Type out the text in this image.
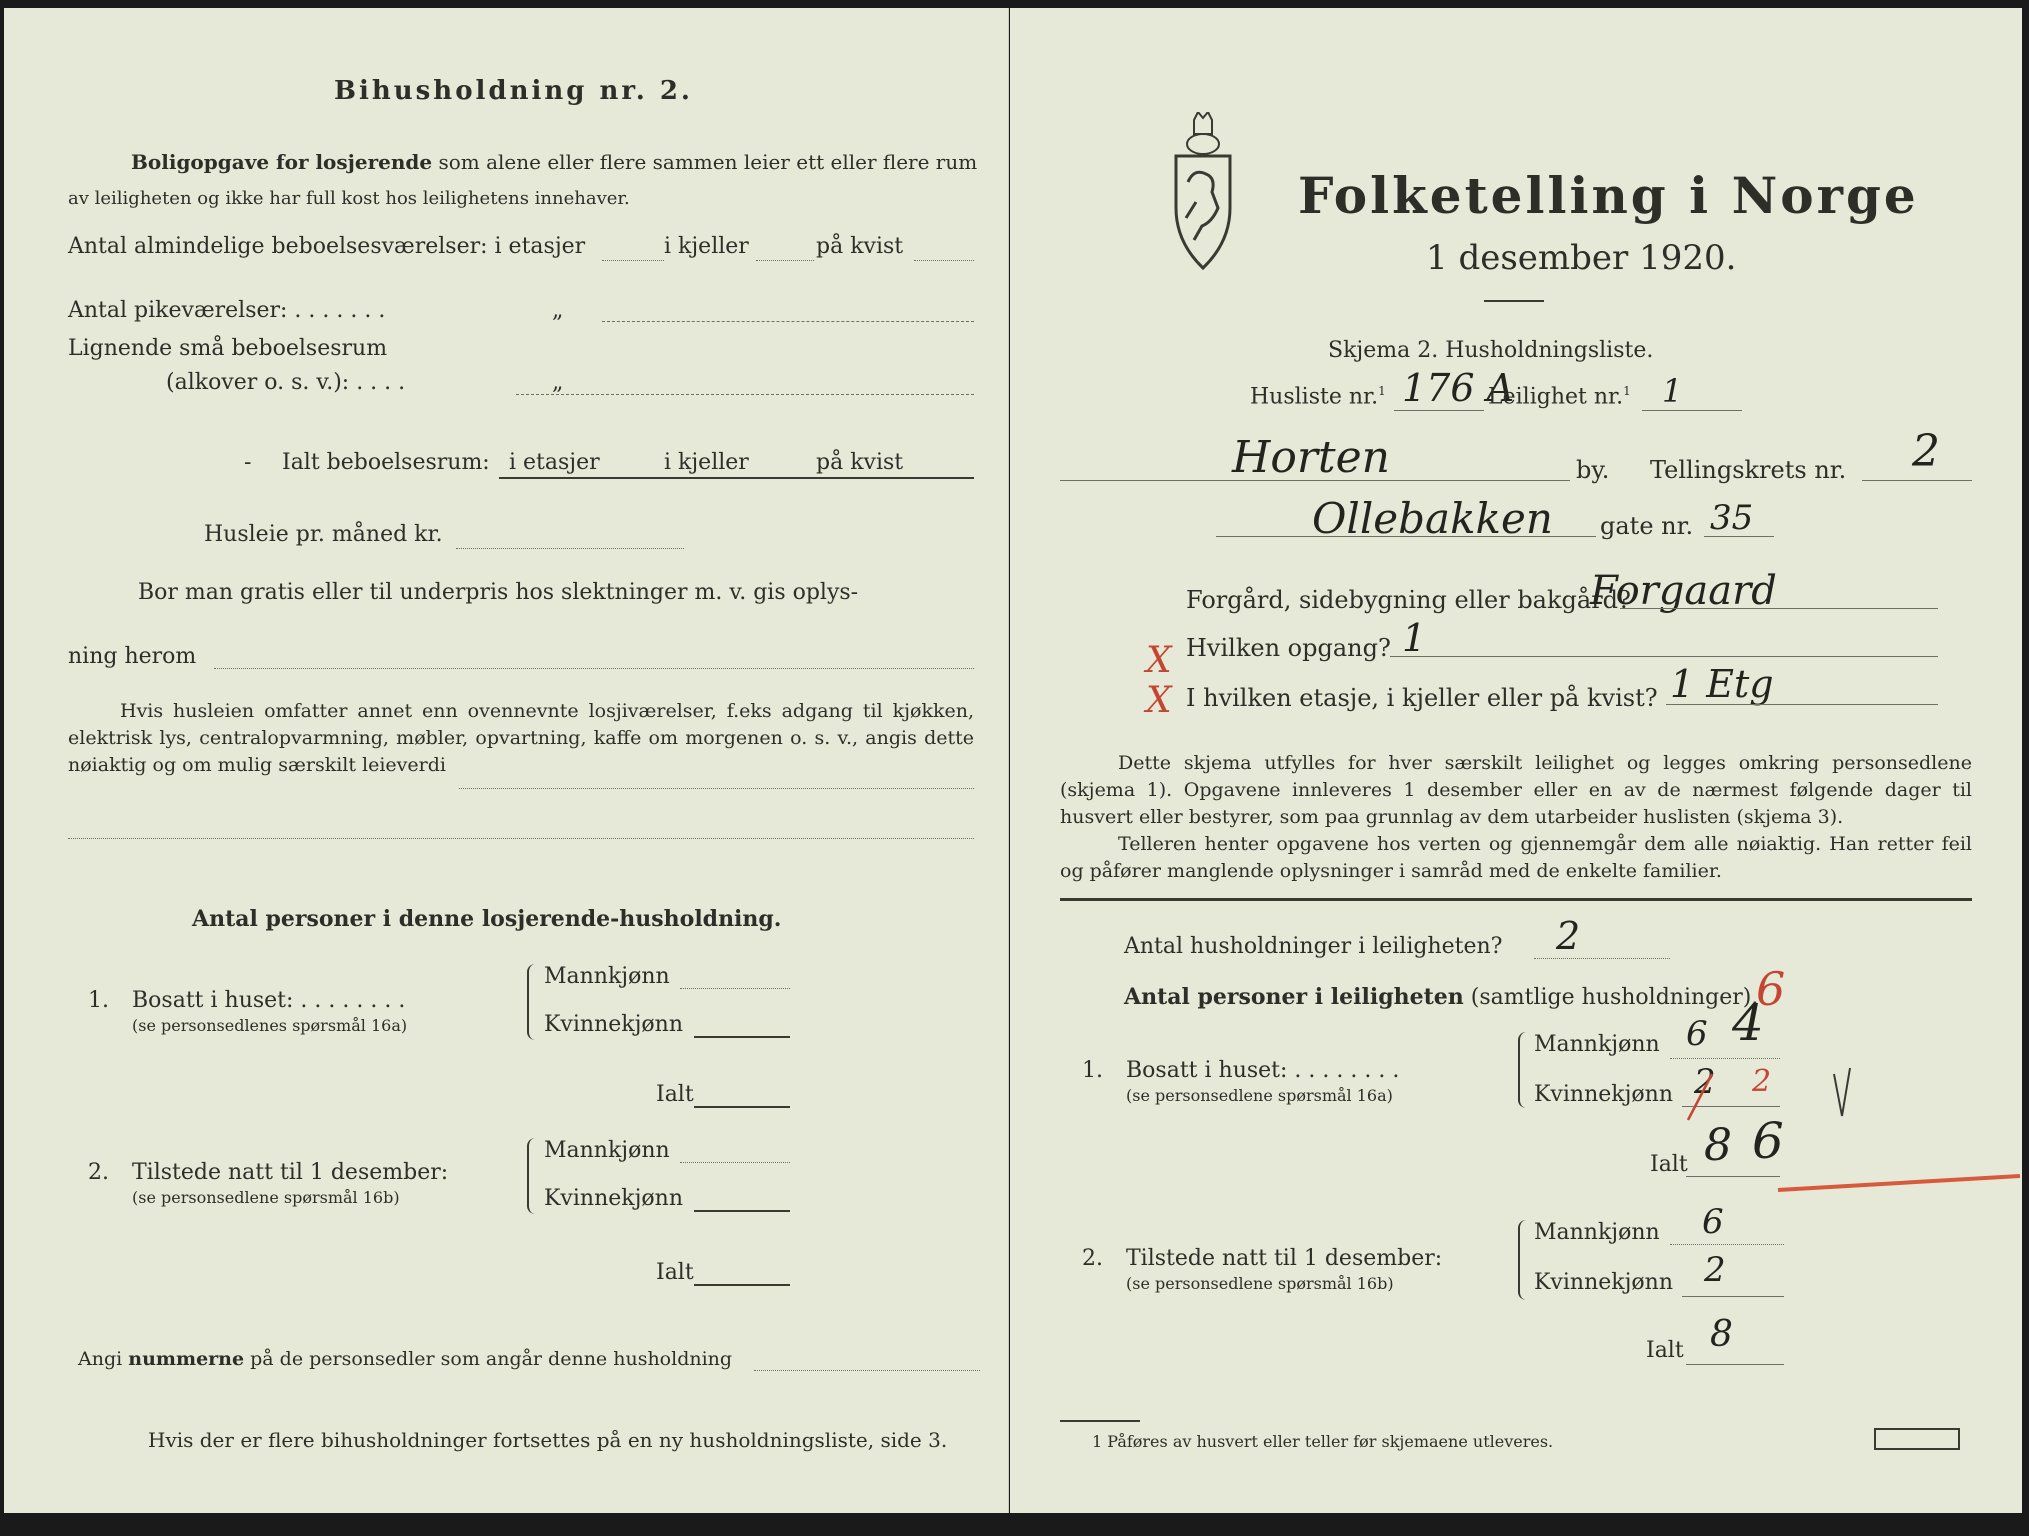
Bihusholdning nr. 2.
Boligopgave for losjerende som alene eller flere sammen leier ett eller flere rum
av leiligheten og ikke har full kost hos leilighetens innehaver.
Antal almindelige beboelsesværelser: i etasjer	i kjeller	på kvist
Antal pikeværelser: . . . . . . .	„
Lignende små beboelsesrum
(alkover o. s. v.): . . . .	„
- Ialt beboelsesrum: i etasjer	i kjeller	på kvist
Husleie pr. måned kr.
Bor man gratis eller til underpris hos slektninger m. v. gis oplys-
ning herom
Hvis husleien omfatter annet enn ovennevnte losjiværelser, f.eks adgang til kjøkken, elektrisk lys, centralopvarmning, møbler, opvartning, kaffe om morgenen o. s. v., angis dette nøiaktig og om mulig særskilt leieverdi
Antal personer i denne losjerende-husholdning.
1. Bosatt i huset: . . . . . . . .
(se personsedlenes spørsmål 16a)
Mannkjønn
Kvinnekjønn
Ialt
2. Tilstede natt til 1 desember:
(se personsedlene spørsmål 16b)
Mannkjønn
Kvinnekjønn
Ialt
Angi nummerne på de personsedler som angår denne husholdning
Hvis der er flere bihusholdninger fortsettes på en ny husholdningsliste, side 3.
Folketelling i Norge
1 desember 1920.
Skjema 2. Husholdningsliste.
Husliste nr.$^1$ 176 A
Leilighet nr.$^1$ 1
Horten	by. Tellingskrets nr. 2
Ollebakken gate nr. 35
Forgård, sidebygning eller bakgård?
Forgaard
X Hvilken opgang? 1
X I hvilken etasje, i kjeller eller på kvist? 1 Etg
Dette skjema utfylles for hver særskilt leilighet og legges omkring personsedlene (skjema 1). Opgavene innleveres 1 desember eller en av de nærmest følgende dager til husvert eller bestyrer, som paa grunnlag av dem utarbeider huslisten (skjema 3).
Telleren henter opgavene hos verten og gjennemgår dem alle nøiaktig. Han retter feil og påfører manglende oplysninger i samråd med de enkelte familier.
Antal husholdninger i leiligheten? 2
Antal personer i leiligheten (samtlige husholdninger).
1. Bosatt i huset: . . . . . . . .
(se personsedlene spørsmål 16a)
Mannkjønn 6 4
6
Kvinnekjønn 2 2
Ialt 8 6
2. Tilstede natt til 1 desember:
(se personsedlene spørsmål 16b)
Mannkjønn 6
Kvinnekjønn 2
Ialt 8
1 Påføres av husvert eller teller før skjemaene utleveres.
